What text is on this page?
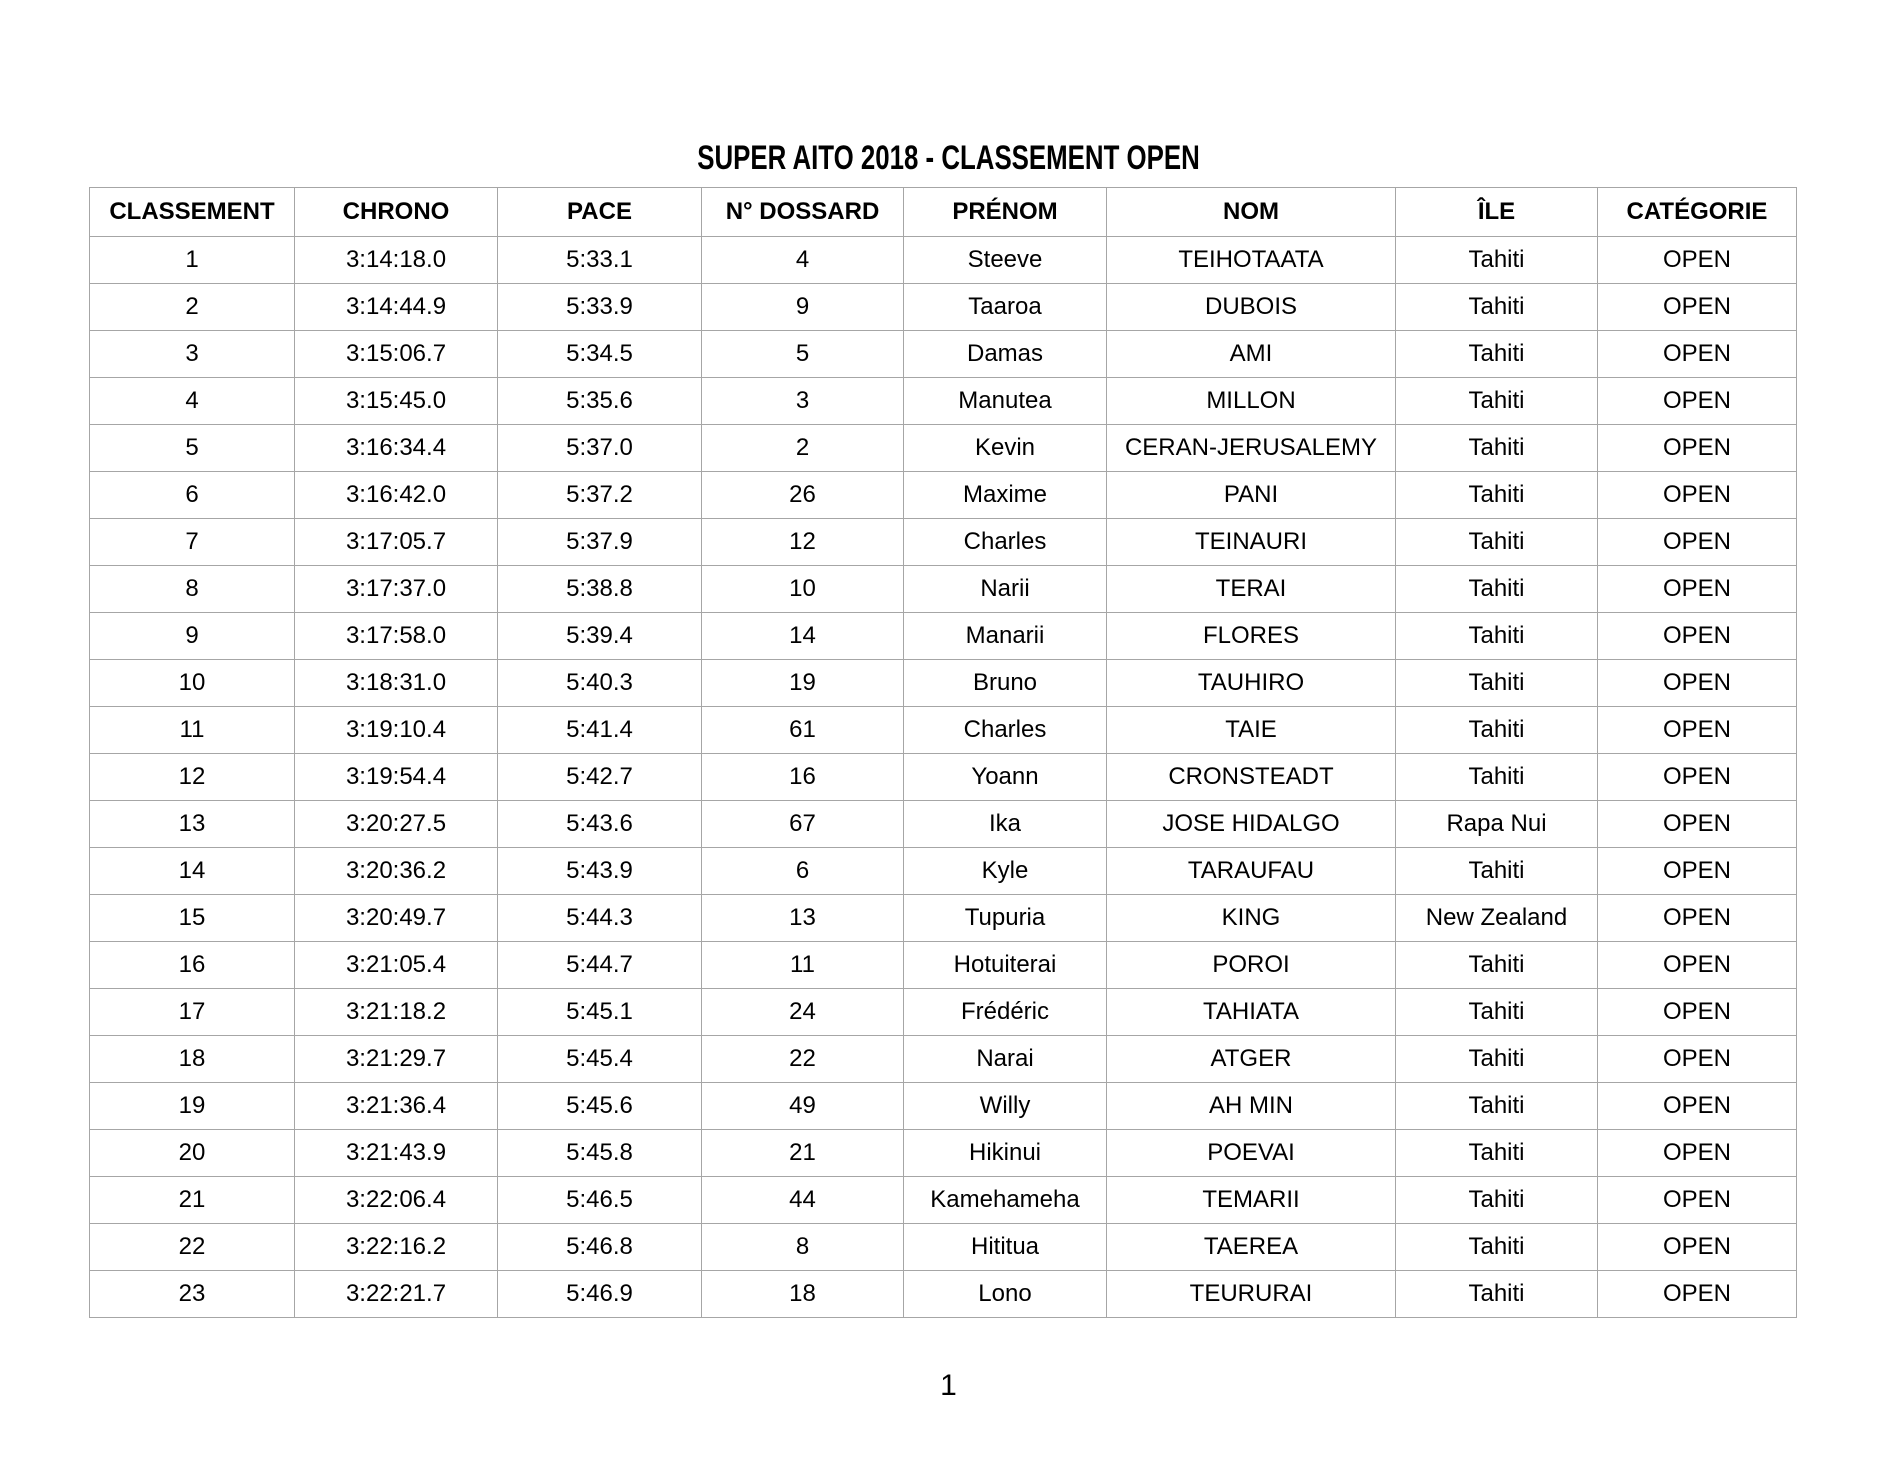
SUPER AITO 2018 - CLASSEMENT OPEN
CLASSEMENT	CHRONO	PACE	N° DOSSARD	PRÉNOM	NOM	ÎLE	CATÉGORIE
1	3:14:18.0	5:33.1	4	Steeve	TEIHOTAATA	Tahiti	OPEN
2	3:14:44.9	5:33.9	9	Taaroa	DUBOIS	Tahiti	OPEN
3	3:15:06.7	5:34.5	5	Damas	AMI	Tahiti	OPEN
4	3:15:45.0	5:35.6	3	Manutea	MILLON	Tahiti	OPEN
5	3:16:34.4	5:37.0	2	Kevin	CERAN-JERUSALEMY	Tahiti	OPEN
6	3:16:42.0	5:37.2	26	Maxime	PANI	Tahiti	OPEN
7	3:17:05.7	5:37.9	12	Charles	TEINAURI	Tahiti	OPEN
8	3:17:37.0	5:38.8	10	Narii	TERAI	Tahiti	OPEN
9	3:17:58.0	5:39.4	14	Manarii	FLORES	Tahiti	OPEN
10	3:18:31.0	5:40.3	19	Bruno	TAUHIRO	Tahiti	OPEN
11	3:19:10.4	5:41.4	61	Charles	TAIE	Tahiti	OPEN
12	3:19:54.4	5:42.7	16	Yoann	CRONSTEADT	Tahiti	OPEN
13	3:20:27.5	5:43.6	67	Ika	JOSE HIDALGO	Rapa Nui	OPEN
14	3:20:36.2	5:43.9	6	Kyle	TARAUFAU	Tahiti	OPEN
15	3:20:49.7	5:44.3	13	Tupuria	KING	New Zealand	OPEN
16	3:21:05.4	5:44.7	11	Hotuiterai	POROI	Tahiti	OPEN
17	3:21:18.2	5:45.1	24	Frédéric	TAHIATA	Tahiti	OPEN
18	3:21:29.7	5:45.4	22	Narai	ATGER	Tahiti	OPEN
19	3:21:36.4	5:45.6	49	Willy	AH MIN	Tahiti	OPEN
20	3:21:43.9	5:45.8	21	Hikinui	POEVAI	Tahiti	OPEN
21	3:22:06.4	5:46.5	44	Kamehameha	TEMARII	Tahiti	OPEN
22	3:22:16.2	5:46.8	8	Hititua	TAEREA	Tahiti	OPEN
23	3:22:21.7	5:46.9	18	Lono	TEURURAI	Tahiti	OPEN
1
